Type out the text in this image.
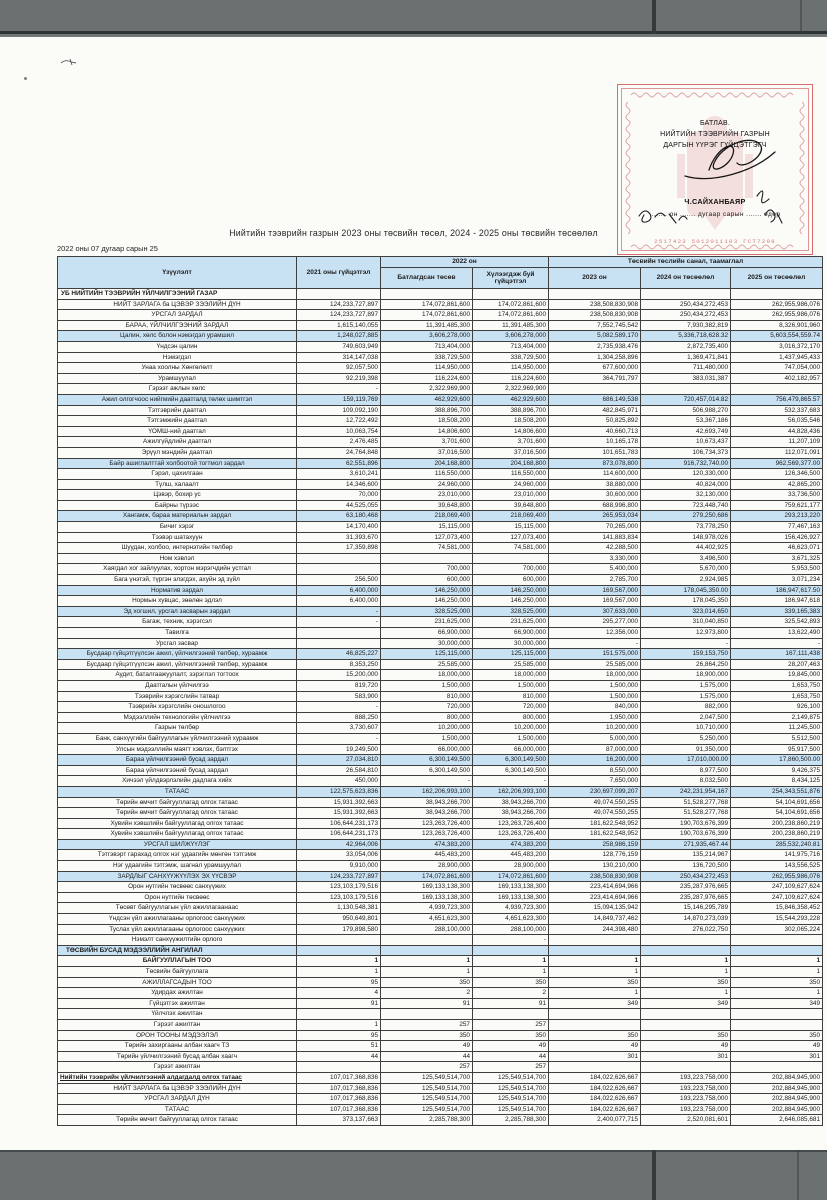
БАТЛАВ.
НИЙТИЙН ТЭЭВРИЙН ГАЗРЫН
ДАРГЫН ҮҮРЭГ ГҮЙЦЭТГЭГЧ
Ч.САЙХАНБАЯР
........ он ....... дугаар сарын ....... өдөр
2517423 5012011103 ГСТ7298
Нийтийн тээврийн газрын 2023 оны төсвийн төсөл, 2024 - 2025 оны төсвийн төсөөлөл
2022 оны 07 дугаар сарын 25
Үзүүлэлт	2021 оны гүйцэтгэл	2022 он		Төсвийн төслийн санал, таамаглал		
		Батлагдсан төсөв	Хүлээгдэж буй гүйцэтгэл	2023 он	2024 он төсөөлөл	2025 он төсөөлөл
УБ НИЙТИЙН ТЭЭВРИЙН ҮЙЛЧИЛГЭЭНИЙ ГАЗАР						
НИЙТ ЗАРЛАГА ба ЦЭВЭР ЗЭЭЛИЙН ДҮН	124,233,727,897	174,072,861,600	174,072,861,600	238,508,830,908	250,434,272,453	262,955,986,076
УРСГАЛ ЗАРДАЛ	124,233,727,897	174,072,861,600	174,072,861,600	238,508,830,908	250,434,272,453	262,955,986,076
БАРАА, ҮЙЛЧИЛГЭЭНИЙ ЗАРДАЛ	1,615,140,055	11,391,485,300	11,391,485,300	7,552,745,542	7,930,382,819	8,326,901,960
Цалин, хөлс болон нэмэгдэл урамшил	1,248,027,885	3,606,278,000	3,606,278,000	5,082,589,170	5,336,718,628.32	5,603,554,559.74
Үндсэн цалин	749,603,949	713,404,000	713,404,000	2,735,938,476	2,872,735,400	3,016,372,170
Нэмэгдэл	314,147,038	338,729,500	338,729,500	1,304,258,896	1,369,471,841	1,437,945,433
Унаа хоолны Хөнгөлөлт	92,057,500	114,950,000	114,950,000	677,600,000	711,480,000	747,054,000
Урамшуулал	92,219,398	116,224,600	116,224,600	364,791,797	383,031,387	402,182,957
Гэрээт ажлын хөлс	-	2,322,969,900	2,322,969,900			
Ажил олгогчоос нийгмийн даатгалд төлөх шимтгэл	159,119,769	462,929,600	462,929,600	686,149,538	720,457,014.82	756,479,865.57
Тэтгэврийн даатгал	109,092,190	388,896,700	388,896,700	482,845,971	506,988,270	532,337,683
Тэтгэмжийн даатгал	12,722,492	18,508,200	18,508,200	50,825,892	53,367,186	56,035,546
ҮОМШ-ний даатгал	10,063,754	14,806,600	14,806,600	40,660,713	42,693,749	44,828,436
Ажилгүйдлийн даатгал	2,476,485	3,701,600	3,701,600	10,165,178	10,673,437	11,207,109
Эрүүл мэндийн даатгал	24,764,848	37,016,500	37,016,500	101,651,783	106,734,373	112,071,091
Байр ашиглалттай холбоотой тогтмол зардал	62,551,896	204,168,800	204,168,800	873,078,800	916,732,740.00	962,569,377.00
Гэрэл, цахилгаан	3,610,241	116,550,000	116,550,000	114,600,000	120,330,000	126,346,500
Түлш, халаалт	14,346,600	24,960,000	24,960,000	38,880,000	40,824,000	42,865,200
Цэвэр, бохир ус	70,000	23,010,000	23,010,000	30,600,000	32,130,000	33,736,500
Байрны түрээс	44,525,055	39,648,800	39,648,800	688,996,800	723,448,740	759,621,177
Хангамж, бараа материалын зардал	63,180,468	218,069,400	218,069,400	265,953,034	279,250,686	293,213,220
Бичиг хэрэг	14,170,400	15,115,000	15,115,000	70,265,000	73,778,250	77,467,163
Тээвэр шатахуун	31,393,670	127,073,400	127,073,400	141,883,834	148,978,026	156,426,927
Шуудан, холбоо, интернэтийн төлбөр	17,359,898	74,581,000	74,581,000	42,288,500	44,402,925	46,623,071
Ном хэвлэл				3,330,000	3,496,500	3,671,325
Хаягдал хог зайлуулах, хортон мэрэгчдийн устгал		700,000	700,000	5,400,000	5,670,000	5,953,500
Бага үнэтэй, түргэн элэгдэх, ахуйн эд зүйл	256,500	600,000	600,000	2,785,700	2,924,985	3,071,234
Норматив зардал	6,400,000	146,250,000	146,250,000	169,567,000	178,045,350.00	186,947,617.50
Нормын хувцас, зөөлөн эдлэл	6,400,000	146,250,000	146,250,000	169,567,000	178,045,350	186,947,618
Эд хогшил, урсгал засварын зардал	-	328,525,000	328,525,000	307,633,000	323,014,650	339,165,383
Багаж, техник, хэрэгсэл	-	231,625,000	231,625,000	295,277,000	310,040,850	325,542,893
Тавилга		66,900,000	66,900,000	12,356,000	12,973,800	13,622,490
Урсгал засвар		30,000,000	30,000,000	-	-	-
Бусдаар гүйцэтгүүлсэн ажил, үйлчилгээний төлбөр, хураамж	46,825,227	125,115,000	125,115,000	151,575,000	159,153,750	167,111,438
Бусдаар гүйцэтгүүлсэн ажил, үйлчилгээний төлбөр, хураамж	8,353,250	25,585,000	25,585,000	25,585,000	26,864,250	28,207,463
Аудит, баталгаажуулалт, зэрэглэл тогтоох	15,200,000	18,000,000	18,000,000	18,000,000	18,900,000	19,845,000
Даатгалын үйлчилгээ	819,720	1,500,000	1,500,000	1,500,000	1,575,000	1,653,750
Тээврийн хэрэгслийн татвар	583,900	810,000	810,000	1,500,000	1,575,000	1,653,750
Тээврийн хэрэгслийн оношлогоо	-	720,000	720,000	840,000	882,000	926,100
Мэдээллийн технологийн үйлчилгээ	888,250	800,000	800,000	1,950,000	2,047,500	2,149,875
Газрын төлбөр	3,730,607	10,200,000	10,200,000	10,200,000	10,710,000	11,245,500
Банк, санхүүгийн байгууллагын үйлчилгээний хураамж	-	1,500,000	1,500,000	5,000,000	5,250,000	5,512,500
Улсын мэдээллийн маягт хэвлэх, бэлтгэх	19,249,500	66,000,000	66,000,000	87,000,000	91,350,000	95,917,500
Бараа үйлчилгээний бусад зардал	27,034,810	6,300,149,500	6,300,149,500	16,200,000	17,010,000.00	17,860,500.00
Бараа үйлчилгээний бусад зардал	26,584,810	6,300,149,500	6,300,149,500	8,550,000	8,977,500	9,426,375
Хичээл үйлдвэрлэлийн дадлага хийх	450,000	-	-	7,650,000	8,032,500	8,434,125
ТАТААС	122,575,623,836	162,206,993,100	162,206,993,100	230,697,099,207	242,231,954,167	254,343,551,876
Төрийн өмчит байгууллагад олгох татаас	15,931,392,663	38,943,266,700	38,943,266,700	49,074,550,255	51,528,277,768	54,104,691,656
Төрийн өмчит байгууллагад олгох татаас	15,931,392,663	38,943,266,700	38,943,266,700	49,074,550,255	51,528,277,768	54,104,691,656
Хувийн хэвшлийн байгууллагад олгох татаас	106,644,231,173	123,263,726,400	123,263,726,400	181,622,548,952	190,703,676,399	200,238,860,219
Хувийн хэвшлийн байгууллагад олгох татаас	106,644,231,173	123,263,726,400	123,263,726,400	181,622,548,952	190,703,676,399	200,238,860,219
УРСГАЛ ШИЛЖҮҮЛЭГ	42,964,006	474,383,200	474,383,200	258,986,159	271,935,467.44	285,532,240.81
Тэтгэвэрт гарахад олгох нэг удаагийн мөнгөн тэтгэмж	33,054,006	445,483,200	445,483,200	128,776,159	135,214,967	141,975,716
Нэг удаагийн тэтгэмж, шагнал урамшуулал	9,910,000	28,900,000	28,900,000	130,210,000	136,720,500	143,556,525
ЗАРДЛЫГ САНХҮҮЖҮҮЛЭХ ЭХ ҮҮСВЭР	124,233,727,897	174,072,861,600	174,072,861,600	238,508,830,908	250,434,272,453	262,955,986,076
Орон нутгийн төсвөөс санхүүжих	123,103,179,516	169,133,138,300	169,133,138,300	223,414,694,966	235,287,976,665	247,109,627,624
Орон нутгийн төсвөөс	123,103,179,516	169,133,138,300	169,133,138,300	223,414,694,966	235,287,976,665	247,109,627,624
Төсөвт байгууллагын үйл ажиллагаанаас	1,130,548,381	4,939,723,300	4,939,723,300	15,094,135,942	15,146,295,789	15,846,358,452
Үндсэн үйл ажиллагааны орлогоос санхүүжих	950,649,801	4,651,623,300	4,651,623,300	14,849,737,462	14,870,273,039	15,544,293,228
Туслах үйл ажиллагааны орлогоос санхүүжих	179,898,580	288,100,000	288,100,000	244,398,480	276,022,750	302,065,224
Нэмэлт санхүүжилтийн орлого			-			
ТӨСВИЙН БУСАД МЭДЭЭЛЛИЙН АНГИЛАЛ						
БАЙГУУЛЛАГЫН ТОО	1	1	1	1	1	1
Төсвийн байгууллага	1	1	1	1	1	1
АЖИЛЛАГСАДЫН ТОО	95	350	350	350	350	350
Удирдах ажилтан	4	2	2	1	1	1
Гүйцэтгэх ажилтан	91	91	91	349	349	349
Үйлчлэх ажилтан						
Гэрээт ажилтан	1	257	257			
ОРОН ТООНЫ МЭДЭЭЛЭЛ	95	350	350	350	350	350
Төрийн захиргааны албан хаагч ТЗ	51	49	49	49	49	49
Төрийн үйлчилгээний бусад албан хаагч	44	44	44	301	301	301
Гэрээт ажилтан		257	257			
Нийтийн тээврийн үйлчилгээний алдагдалд олгох татаас	107,017,368,836	125,549,514,700	125,549,514,700	184,022,626,667	193,223,758,000	202,884,945,900
НИЙТ ЗАРЛАГА ба ЦЭВЭР ЗЭЭЛИЙН ДҮН	107,017,368,836	125,549,514,700	125,549,514,700	184,022,626,667	193,223,758,000	202,884,945,900
УРСГАЛ ЗАРДАЛ ДҮН	107,017,368,836	125,549,514,700	125,549,514,700	184,022,626,667	193,223,758,000	202,884,945,900
ТАТААС	107,017,368,836	125,549,514,700	125,549,514,700	184,022,626,667	193,223,758,000	202,884,945,900
Төрийн өмчит байгууллагад олгох татаас	373,137,663	2,285,788,300	2,285,788,300	2,400,077,715	2,520,081,601	2,646,085,681
